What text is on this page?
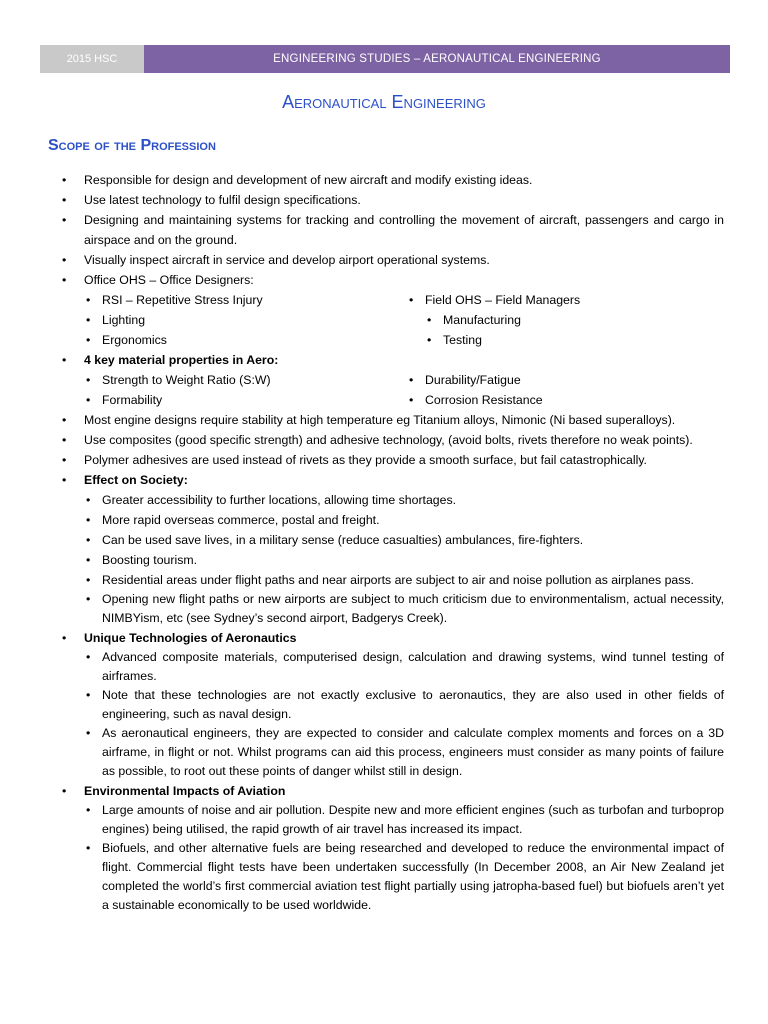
2015 HSC	ENGINEERING STUDIES – AERONAUTICAL ENGINEERING
Aeronautical Engineering
Scope of the Profession
• Responsible for design and development of new aircraft and modify existing ideas.
• Use latest technology to fulfil design specifications.
• Designing and maintaining systems for tracking and controlling the movement of aircraft, passengers and cargo in airspace and on the ground.
• Visually inspect aircraft in service and develop airport operational systems.
• Office OHS – Office Designers:
• RSI – Repetitive Stress Injury
• Lighting
• Ergonomics
• Field OHS – Field Managers
• Manufacturing
• Testing
• 4 key material properties in Aero:
• Strength to Weight Ratio (S:W)
• Formability
• Durability/Fatigue
• Corrosion Resistance
• Most engine designs require stability at high temperature eg Titanium alloys, Nimonic (Ni based superalloys).
• Use composites (good specific strength) and adhesive technology, (avoid bolts, rivets therefore no weak points).
• Polymer adhesives are used instead of rivets as they provide a smooth surface, but fail catastrophically.
• Effect on Society:
• Greater accessibility to further locations, allowing time shortages.
• More rapid overseas commerce, postal and freight.
• Can be used save lives, in a military sense (reduce casualties) ambulances, fire-fighters.
• Boosting tourism.
• Residential areas under flight paths and near airports are subject to air and noise pollution as airplanes pass.
• Opening new flight paths or new airports are subject to much criticism due to environmentalism, actual necessity, NIMBYism, etc (see Sydney’s second airport, Badgerys Creek).
• Unique Technologies of Aeronautics
• Advanced composite materials, computerised design, calculation and drawing systems, wind tunnel testing of airframes.
• Note that these technologies are not exactly exclusive to aeronautics, they are also used in other fields of engineering, such as naval design.
• As aeronautical engineers, they are expected to consider and calculate complex moments and forces on a 3D airframe, in flight or not. Whilst programs can aid this process, engineers must consider as many points of failure as possible, to root out these points of danger whilst still in design.
• Environmental Impacts of Aviation
• Large amounts of noise and air pollution. Despite new and more efficient engines (such as turbofan and turboprop engines) being utilised, the rapid growth of air travel has increased its impact.
• Biofuels, and other alternative fuels are being researched and developed to reduce the environmental impact of flight. Commercial flight tests have been undertaken successfully (In December 2008, an Air New Zealand jet completed the world’s first commercial aviation test flight partially using jatropha-based fuel) but biofuels aren’t yet a sustainable economically to be used worldwide.
